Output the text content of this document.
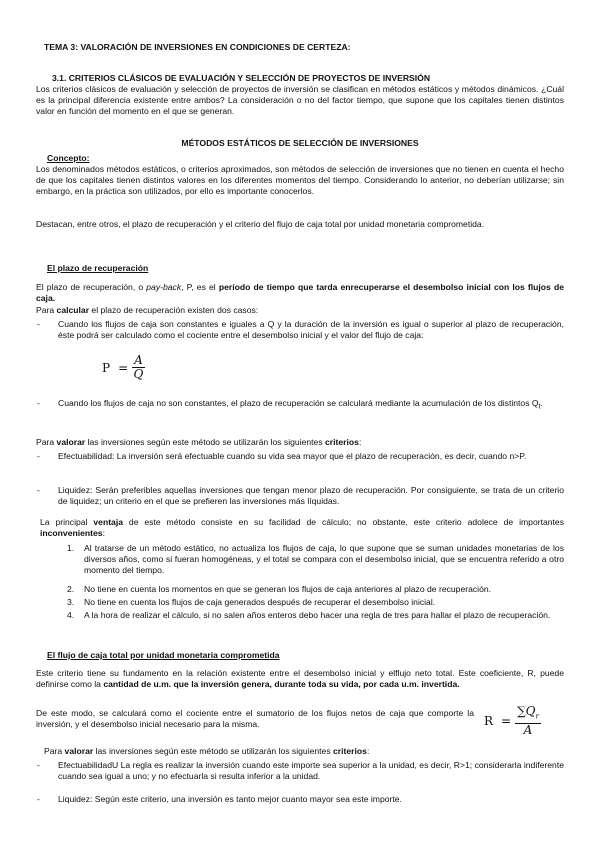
TEMA 3: VALORACIÓN DE INVERSIONES EN CONDICIONES DE CERTEZA:
3.1. CRITERIOS CLÁSICOS DE EVALUACIÓN Y SELECCIÓN DE PROYECTOS DE INVERSIÓN
Los criterios clásicos de evaluación y selección de proyectos de inversión se clasifican en métodos estáticos y métodos dinámicos. ¿Cuál es la principal diferencia existente entre ambos? La consideración o no del factor tiempo, que supone que los capitales tienen distintos valor en función del momento en el que se generan.
MÉTODOS ESTÁTICOS DE SELECCIÓN DE INVERSIONES
Concepto:
Los denominados métodos estáticos, o criterios aproximados, son métodos de selección de inversiones que no tienen en cuenta el hecho de que los capitales tienen distintos valores en los diferentes momentos del tiempo. Considerando lo anterior, no deberían utilizarse; sin embargo, en la práctica son utilizados, por ello es importante conocerlos.
Destacan, entre otros, el plazo de recuperación y el criterio del flujo de caja total por unidad monetaria comprometida.
El plazo de recuperación
El plazo de recuperación, o pay-back, P, es el período de tiempo que tarda enrecuperarse el desembolso inicial con los flujos de caja.
Para calcular el plazo de recuperación existen dos casos:
- Cuando los flujos de caja son constantes e iguales a Q y la duración de la inversión es igual o superior al plazo de recuperación, éste podrá ser calculado como el cociente entre el desembolso inicial y el valor del flujo de caja:
$P = \frac{A}{Q}$
- Cuando los flujos de caja no son constantes, el plazo de recuperación se calculará mediante la acumulación de los distintos $Q_t$.
Para valorar las inversiones según este método se utilizarán los siguientes criterios:
- Efectuabilidad: La inversión será efectuable cuando su vida sea mayor que el plazo de recuperación, es decir, cuando n>P.
- Liquidez: Serán preferibles aquellas inversiones que tengan menor plazo de recuperación. Por consiguiente, se trata de un criterio de liquidez; un criterio en el que se prefieren las inversiones más líquidas.
La principal ventaja de este método consiste en su facilidad de cálculo; no obstante, este criterio adolece de importantes inconvenientes:
1. Al tratarse de un método estático, no actualiza los flujos de caja, lo que supone que se suman unidades monetarias de los diversos años, como si fueran homogéneas, y el total se compara con el desembolso inicial, que se encuentra referido a otro momento del tiempo.
2. No tiene en cuenta los momentos en que se generan los flujos de caja anteriores al plazo de recuperación.
3. No tiene en cuenta los flujos de caja generados después de recuperar el desembolso inicial.
4. A la hora de realizar el cálculo, si no salen años enteros debo hacer una regla de tres para hallar el plazo de recuperación.
El flujo de caja total por unidad monetaria comprometida
Este criterio tiene su fundamento en la relación existente entre el desembolso inicial y elflujo neto total. Este coeficiente, R, puede definirse como la cantidad de u.m. que la inversión genera, durante toda su vida, por cada u.m. invertida.
De este modo, se calculará como el cociente entre el sumatorio de los flujos netos de caja que comporte la inversión, y el desembolso inicial necesario para la misma.	$R = \frac{\sum Q_r}{A}$
Para valorar las inversiones según este método se utilizarán los siguientes criterios:
- EfectuabilidadU La regla es realizar la inversión cuando este importe sea superior a la unidad, es decir, R>1; considerarla indiferente cuando sea igual a uno; y no efectuarla si resulta inferior a la unidad.
- Liquidez: Según este criterio, una inversión es tanto mejor cuanto mayor sea este importe.
